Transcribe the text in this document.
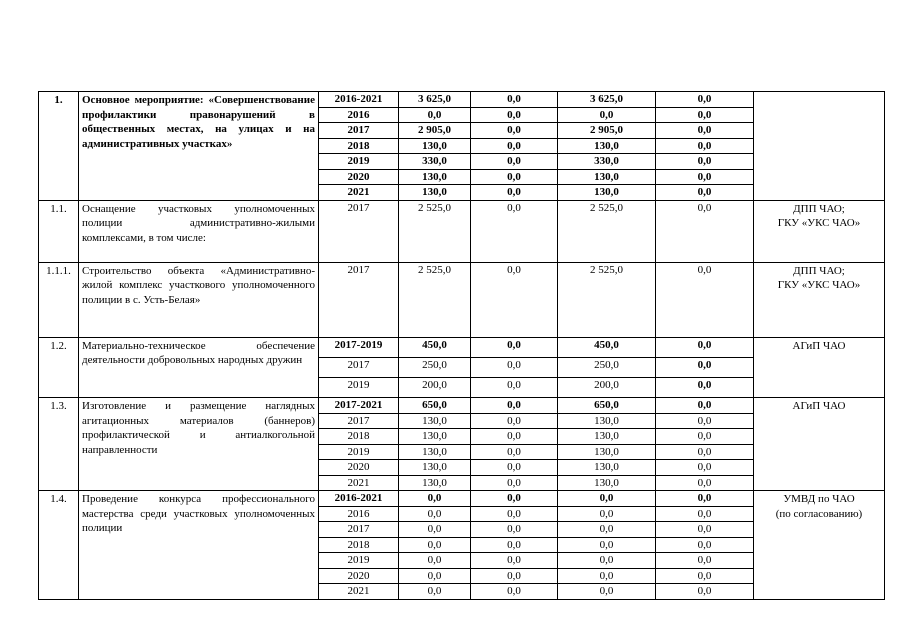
1.	Основное мероприятие: «Совершенствование профилактики правонарушений в общественных местах, на улицах и на административных участках»	2016-2021	3 625,0	0,0	3 625,0	0,0	

		2016	0,0	0,0	0,0	0,0	
		2017	2 905,0	0,0	2 905,0	0,0	
		2018	130,0	0,0	130,0	0,0	
		2019	330,0	0,0	330,0	0,0	
		2020	130,0	0,0	130,0	0,0	
		2021	130,0	0,0	130,0	0,0	

1.1.	Оснащение участковых уполномоченных полиции административно-жилыми комплексами, в том числе:	2017	2 525,0	0,0	2 525,0	0,0	ДПП ЧАО;
ГКУ «УКС ЧАО»

1.1.1.	Строительство объекта «Административно-жилой комплекс участкового уполномоченного полиции в с. Усть-Белая»	2017	2 525,0	0,0	2 525,0	0,0	ДПП ЧАО;
ГКУ «УКС ЧАО»

1.2.	Материально-техническое обеспечение деятельности добровольных народных дружин	2017-2019	450,0	0,0	450,0	0,0	АГиП ЧАО

		2017	250,0	0,0	250,0	0,0	
		2019	200,0	0,0	200,0	0,0	

1.3.	Изготовление и размещение наглядных агитационных материалов (баннеров) профилактической и антиалкогольной направленности	2017-2021	650,0	0,0	650,0	0,0	АГиП ЧАО

		2017	130,0	0,0	130,0	0,0	
		2018	130,0	0,0	130,0	0,0	
		2019	130,0	0,0	130,0	0,0	
		2020	130,0	0,0	130,0	0,0	
		2021	130,0	0,0	130,0	0,0	

1.4.	Проведение конкурса профессионального мастерства среди участковых уполномоченных полиции	2016-2021	0,0	0,0	0,0	0,0	УМВД по ЧАО
(по согласованию)

		2016	0,0	0,0	0,0	0,0	
		2017	0,0	0,0	0,0	0,0	
		2018	0,0	0,0	0,0	0,0	
		2019	0,0	0,0	0,0	0,0	
		2020	0,0	0,0	0,0	0,0	
		2021	0,0	0,0	0,0	0,0	
